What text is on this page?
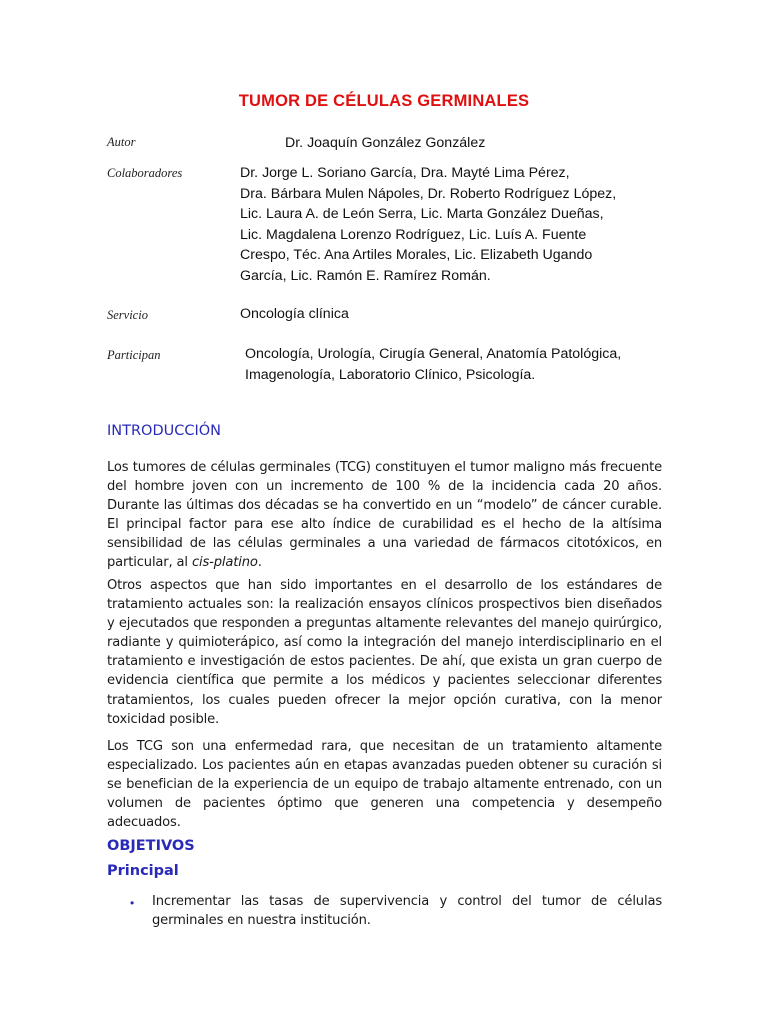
TUMOR DE CÉLULAS GERMINALES
Autor	Dr. Joaquín González González
Colaboradores	Dr. Jorge L. Soriano García, Dra. Mayté Lima Pérez,
Dra. Bárbara Mulen Nápoles, Dr. Roberto Rodríguez López,
Lic. Laura A. de León Serra, Lic. Marta González Dueñas,
Lic. Magdalena Lorenzo Rodríguez, Lic. Luís A. Fuente
Crespo, Téc. Ana Artiles Morales, Lic. Elizabeth Ugando
García, Lic. Ramón E. Ramírez Román.
Servicio	Oncología clínica
Participan	Oncología, Urología, Cirugía General, Anatomía Patológica,
Imagenología, Laboratorio Clínico, Psicología.
INTRODUCCIÓN
Los tumores de células germinales (TCG) constituyen el tumor maligno más frecuente del hombre joven con un incremento de 100 % de la incidencia cada 20 años. Durante las últimas dos décadas se ha convertido en un “modelo” de cáncer curable. El principal factor para ese alto índice de curabilidad es el hecho de la altísima sensibilidad de las células germinales a una variedad de fármacos citotóxicos, en particular, al cis-platino.
Otros aspectos que han sido importantes en el desarrollo de los estándares de tratamiento actuales son: la realización ensayos clínicos prospectivos bien diseñados y ejecutados que responden a preguntas altamente relevantes del manejo quirúrgico, radiante y quimioterápico, así como la integración del manejo interdisciplinario en el tratamiento e investigación de estos pacientes. De ahí, que exista un gran cuerpo de evidencia científica que permite a los médicos y pacientes seleccionar diferentes tratamientos, los cuales pueden ofrecer la mejor opción curativa, con la menor toxicidad posible.
Los TCG son una enfermedad rara, que necesitan de un tratamiento altamente especializado. Los pacientes aún en etapas avanzadas pueden obtener su curación si se benefician de la experiencia de un equipo de trabajo altamente entrenado, con un volumen de pacientes óptimo que generen una competencia y desempeño adecuados.
OBJETIVOS
Principal
• Incrementar las tasas de supervivencia y control del tumor de células germinales en nuestra institución.
